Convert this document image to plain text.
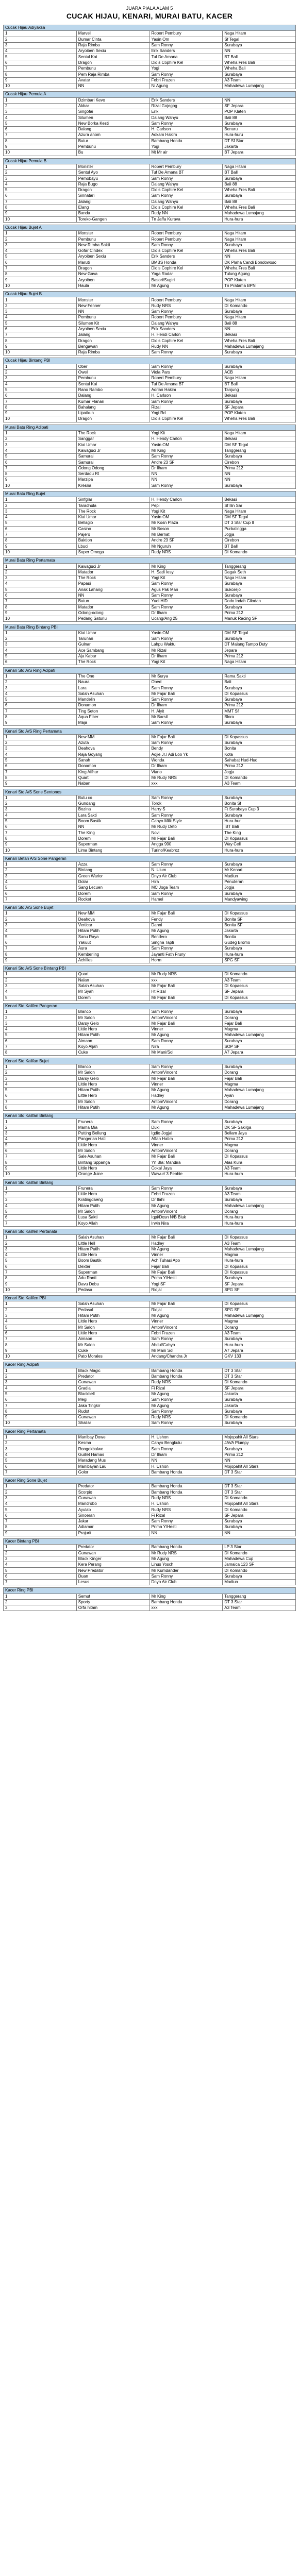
JUARA PIALA ALAM 5
CUCAK HIJAU, KENARI, MURAI BATU, KACER
Cucak Hijau Adiyaksa			
1	Marvel	Robert Pembury	Naga Hitam
2	Dumar Cinta	Yasin Om	Sf Tegal
3	Raja Rimba	Sam Ronny	Surabaya
4	Aryoiben Sexiu	Erik Sanders	NN
5	Sentul Kai	Tuf De Amana	BT Ball
6	Dragon	Didis Cophire Kel	Wheha Fres Bali
7	Pembunu	Yogi	Wheha Bali
8	Pem Raja Rimba	Sam Ronny	Surabaya
9	Avatar	Febri Fruzen	A3 Team
10	NN	Ni Agung	Mahadewa Lumajang
Cucak Hijau Pemula A			
1	Dzimbari Kevo	Erik Sanders	NN
2	Akbar	Rizal Gojegog	SF Jepara
3	Singofai	Erik	POP Klaten
4	Silumen	Dalang Wahyu	Bali 88
5	New Borka Kesti	Sam Ronny	Surabaya
6	Dalang	H. Carlson	Benuru
7	Azura anom	Adkam Hakim	Hura-huru
8	Butur	Bambang Honda	DT Sf Star
9	Pembunu	Yogi	Jakarta
10	Bu	Mt Mr air	BT Jepara
Cucak Hijau Pemula B			
1	Monster	Robert Pembury	Naga Hitam
2	Sentul Ayo	Tuf De Amana BT	BT Ball
3	Pemobayu	Sam Ronny	Surabaya
4	Raja Bugo	Dalang Wahyu	Bali 88
5	Dragon	Didis Cophire Kel	Wheha Fres Bali
6	Sinnatari	Sam Ronny	Surabaya
7	Jalangi	Dalang Wahyu	Bali 88
8	Elang	Didis Cophire Kel	Wheha Fres Bali
9	Banda	Rudy NN	Mahadewa Lumajang
10	Toreko-Gangen	Tn Jaffa Kurava	Hura-hura
Cucak Hijau Bujet A			
1	Monster	Robert Pembury	Naga Hitam
2	Pembunu	Robert Pembury	Naga Hitam
3	New Rimba Sakti	Sam Ronny	Surabaya
4	Gofar Cindex	Didis Cophire Kel	Wheha Fres Bali
5	Aryoiben Sexiu	Erik Sanders	NN
6	Maruti	BMBS Honda	DK Plaha Candi Bondowoso
7	Dragon	Didis Cophire Kel	Wheha Fres Bali
8	New Gava	Yoga Radar	Tulung Agung
9	Aryoiben	Basori/Sugiri	POP Klaten
10	Haula	Mr Agung	Tn Pratama BPN
Cucak Hijau Bujet B			
1	Monster	Robert Pembury	Naga Hitam
2	New Fenner	Rudy NRS	DI Komando
3	NN	Sam Ronny	Surabaya
4	Pembunu	Robert Pembury	Naga Hitam
5	Silumen Kit	Dalang Wahyu	Bali 88
6	Aryoiben Sexiu	Erik Sanders	NN
7	Jalang	H. Hendi Carlon	Bekasi
8	Dragon	Didis Cophire Kel	Wheha Fres Bali
9	Bengawan	Rudy NN	Mahadewa Lumajang
10	Raja Rimba	Sam Ronny	Surabaya
Cucak Hijau Bintang PBI			
1	Ober	Sam Ronny	Surabaya
2	Owel	Viola Pars	ACB
3	Pembunu	Robert Pembury	Naga Hitam
4	Sentul Kai	Tuf De Amana BT	BT Ball
5	Rano Rambo	Adrian Hakim	Tanjung
6	Dalang	H. Carlson	Bekasi
7	Kumar Flanari	Sam Ronny	Surabaya
8	Bahalang	Rizal	SF Jepara
9	Lipatkun	Yogi Rd	POP Klaten
10	Dragon	Didis Cophire Kel	Wheha Fres Bali
Murai Batu Ring Adipati			
1	The Rock	Yogi Kit	Naga Hitam
2	Sanggar	H. Hendy Carlon	Bekasi
3	Kiai Umar	Yasin OM	DM SF Tegal
4	Kawaguci Jr	Mr King	Tanggerang
5	Samurai	Sam Ronny	Surabaya
6	Samurai	Andre 23 SF	Cirebon
7	Odong Odong	Dr Ilham	Prima 212
8	Serdadu Rt	NN	NN
9	Marzipa	NN	NN
10	Kresna	Sam Ronny	Surabaya
Murai Batu Ring Bujet			
1	Sinfglar	H. Hendy Carlon	Bekasi
2	Taradhula	Pepi	Sf Ilin Sar
3	The Rock	Yogi Kit	Naga Hitam
4	Kiai Umar	Yasin OM	DM SF Tegal
5	Bellagio	Mr Kosn Plaza	DT 3 Star Cup II
6	Casino	Mr Boson	Purbalingga
7	Pajero	Mr Bernat	Jogja
8	Baktion	Andre 23 SF	Cirebon
9	Lbuci	Mr Nguruh	BT Ball
10	Super Omega	Rudy NRS	DI Komando
Murai Batu Ring Pertamata			
1	Kawaguci Jr	Mr King	Tanggerang
2	Matador	H. Sadi Iesyi	Dagak Seth
3	The Rock	Yogi Kit	Naga Hitam
4	Papasi	Sam Ronny	Surabaya
5	Anak Lahang	Agus Pak Man	Sukorejo
6	NN	Sam Ronny	Surabaya
7	Butun	Yudi HID	Dodo Indah Cilodan
8	Matador	Sam Ronny	Surabaya
9	Odong-odong	Dr Ilham	Prima 212
10	Pedang Saturiu	Ucang/Ang 25	Manuk Racing SF
Murai Batu Ring Bintang PBI			
1	Kiai Umar	Yasin OM	DM SF Tegal
2	Tarunan	Sam Ronny	Surabaya
3	Gulnar	Lahpu Waktu	DT Malang Tampo Duty
4	Ace Sambang	Mr Rizal	Jepara
5	Aja Kabar	Dr Ilham	Prima 212
6	The Rock	Yogi Kit	Naga Hitam
Kenari Std A/S Ring Adipati			
1	The One	Mr Surya	Rama Sakti
2	Naura	Obed	Bali
3	Lara	Sam Ronny	Surabaya
4	Salah Asuhan	Mr Fajar Bali	DI Kopassus
5	Mandelin	Sam Ronny	Surabaya
6	Donamon	Dr Ilham	Prima 212
7	Ting Seton	H. Alyit	MMT Sf
8	Aqua Fiber	Mr Barsil	Blora
9	Maja	Sam Ronny	Surabaya
Kenari Std A/S Ring Pertamata			
1	New MM	Mr Fajar Bali	DI Kopassus
2	Azuta	Sam Ronny	Surabaya
3	Deahova	Bendy	Bonita
4	Raja Goyang	Adjie Jr./ Adi Loo Yk	Kota
5	Sanah	Wonda	Sahabat Hud-Hud
6	Donamon	Dr Ilham	Prima 212
7	King Affhur	Viano	Jogja
8	Quart	Mr Rudy NRS	DI Komando
9	Naban	xxx	A3 Team
Kenari Std A/S Sone Sentones			
1	Butu co	Sam Ronny	Surabaya
2	Gundang	Torok	Bonita Sf
3	Bozina	Harry S	Ft Surabaya Cup 3
4	Lara Sakti	Sam Ronny	Surabaya
5	Boom Bastik	Cahyo Milk Style	Hura-hur
6	NN	Mr Rudy Deto	IBT Bali
7	The King	Novi	The King
8	Doremi	Mr Fajar Bali	DI Kopassus
9	Superman	Angga 990	Way Cell
10	Lima Bintang	Turino/Keabroz	Hura-hura
Kenari Betan A/S Sone Pangeran			
1	Azza	Sam Ronny	Surabaya
2	Bintang	N. Ulum	Mr Kenari
3	Green Warior	Dnyo Air Club	Madiun
4	Dolar	Hira	Penuteran
5	Sang Lecuen	MC Joga Team	Jogja
6	Doremi	Sam Ronny	Surabaya
7	Rocket	Hamel	Mandyawing
Kenari Std A/S Sone Bujet			
1	New MM	Mr Fajar Bali	DI Kopassus
2	Deahova	Fendy	Bonita SF
3	Verticar	Danni	Bonita SF
4	Hitam Putih	Mr Agung	Jakarta
5	Sanu Raya	Bendero	Bonita
6	Yakuut	Singha Tapti	Gudeg Bromo
7	Aura	Sam Ronny	Surabaya
8	Kemberling	Jayanti Fath Fruny	Hura-hura
9	Achilles	Horm	SPG SF
Kenari Std A/S Sone Bintang PBI			
1	Quart	Mr Rudy NRS	DI Komando
2	Nalan	xxx	A3 Team
3	Salah Asuhan	Mr Fajar Bali	DI Kopassus
4	Mr Syah	Ht Rizal	SF Jepara
5	Doremi	Mr Fajar Bali	DI Kopassus
Kenari Std Kalifen Pangeran			
1	Blanco	Sam Ronny	Surabaya
2	Mr Salon	Anton/Vincent	Dorang
3	Darsy Gelo	Mr Fajar Bali	Fajar Bali
4	Little Hero	Vinner	Magma
5	Hitam Putih	Mr Agung	Mahadewa Lumajang
6	Aimaon	Sam Ronny	Surabaya
7	Koyo Aljah	Nira	SOP SF
8	Cuke	Mr Mani/Sol	A7 Jepara
Kenari Std Kalifan Bujet			
1	Blanco	Sam Ronny	Surabaya
2	Mr Salon	Anton/Vincent	Dorang
3	Darsy Gelo	Mr Fajar Bali	Fajar Bali
4	Little Hero	Vinner	Magma
5	Hitam Putih	Mr Agung	Mahadewa Lumajang
6	Little Hero	Hadley	Ayan
7	Mr Salon	Anton/Vincent	Dorang
8	Hitam Putih	Mr Agung	Mahadewa Lumajang
Kenari Std Kalifan Bintang			
1	Frunera	Sam Ronny	Surabaya
2	Mama Mia	Duxi	DK SF Sakilga
3	Putting Bellung	Igdio Jogjal	Bellam Jaya
4	Pangerian Hati	Affan Hatim	Prima 212
5	Little Hero	Vinner	Magma
6	Mr Salon	Anton/Vincent	Dorang
7	Sale Asuhan	Mr Fajar Bali	DI Kopassus
8	Bintang Sppanga	Yn Bla: Mandira	Alas Kura
9	Little Hero	Cokal Jaya	A3 Team
10	Orange Juice	Wawur/ 3 Peoble	Hura-hura
Kenari Std Kalifan Bintang			
1	Frunera	Sam Ronny	Surabaya
2	Little Hero	Febri Fruzen	A3 Team
3	Kratingdaeng	Dr Ilahi	Surabaya
4	Hitam Putih	Mr Agung	Mahadewa Lumajang
5	Mr Salon	Anton/Vincent	Dorang
6	Lusa Sakti	Iqpi/Dosn N/B Biuk	Hura-hura
7	Koyo Allah	Irwin Nira	Hura-hura
Kenari Std Kalifen Pertanata			
1	Salah Asuhan	Mr Fajar Bali	DI Kopassus
2	Little Hell	Hadley	A3 Team
3	Hitam Putih	Mr Agung	Mahadewa Lumajang
4	Little Hero	Vinner	Magma
5	Boom Bastik	Ach Tuhasi Apo	Hura-hura
6	Dexter	Fajar Bali	DI Kopassus
7	Superman	Mr Fajar Bali	DI Kopassus
8	Adu Ranti	Prima Y/Hesti	Surabaya
9	Davu Debu	Yogi SF	SF Jepara
10	Pedasa	Ridjal	SPG SF
Kenari Std Kalifen PBI			
1	Salah Asuhan	Mr Fajar Bali	DI Kopassus
2	Pedasal	Ridjal	SPG SF
3	Hitam Putih	Mr Agung	Mahadewa Lumajang
4	Little Hero	Vinner	Magma
5	Mr Salon	Anton/Vincent	Dorang
6	Little Hero	Febri Fruzen	A3 Team
7	Aimaon	Sam Ronny	Surabaya
8	Mr Salon	Abdul/Cahyo	Hura-hura
9	Cuke	Mr Mani Sol	A7 Jepara
10	Pato Morales	Andang/Chandra Jr	GKV 133
Kacer Ring Adipati			
1	Black Magic	Bambang Honda	DT 3 Star
2	Predator	Bambang Honda	DT 3 Star
3	Gunawan	Rudy NRS	DI Komando
4	Gradia	Fi Rizal	SF Jepara
5	Blackbell	Mr Agung	Jakarta
6	Megi	Sam Ronny	Surabaya
7	Jaka Tingkir	Mr Agung	Jakarta
8	Rudot	Sam Ronny	Surabaya
9	Gunawan	Rudy NRS	DI Komando
10	Shailar	Sam Ronny	Surabaya
Kacer Ring Pertamata			
1	Manibay Dowe	H. Ushon	Mojopahit All Stars
2	Kesma	Cahyo Bengkulu	JAVA Plumpy
3	Rongokbalwe	Sam Ronny	Surabaya
4	Guillet Hamas	Dr Ilham	Prima 212
5	Maradang Mus	NN	NN
6	Manibayan Lau	H. Ushon	Mojopahit All Stars
7	Golor	Bambang Honda	DT 3 Star
Kacer Ring Sone Bujet			
1	Predator	Bambang Honda	DT 3 Star
2	Scorpio	Bambang Honda	DT 3 Star
3	Gunawan	Rudy NRS	DI Komando
4	Mandrobo	H. Ushon	Mojopahit All Stars
5	Ayulab	Rudy NRS	DI Komando
6	Sinoeran	Fi Rizal	SF Jepara
7	Jakar	Sam Ronny	Surabaya
8	Adiamar	Prima Y/Hesti	Surabaya
9	Prajurit	NN	NN
Kacer Bintang PBI			
1	Predator	Bambang Honda	LP 3 Star
2	Gunawan	Mr Rudy NRS	DI Komando
3	Black Kinger	Mr Agung	Mahadewa Cup
4	Kera Perang	Linus Yosch	Jamaica 123 SF
5	New Predator	Mr Kumdander	DI Komando
6	Duan	Sam Ronny	Surabaya
7	Lesus	Dnyo Air Club	Madiun
Kacer Ring PBI			
1	Semut	Mr King	Tanggerang
2	Sporty	Bambang Honda	DT 3 Star
3	Orfa hitam	xxx	A3 Team
